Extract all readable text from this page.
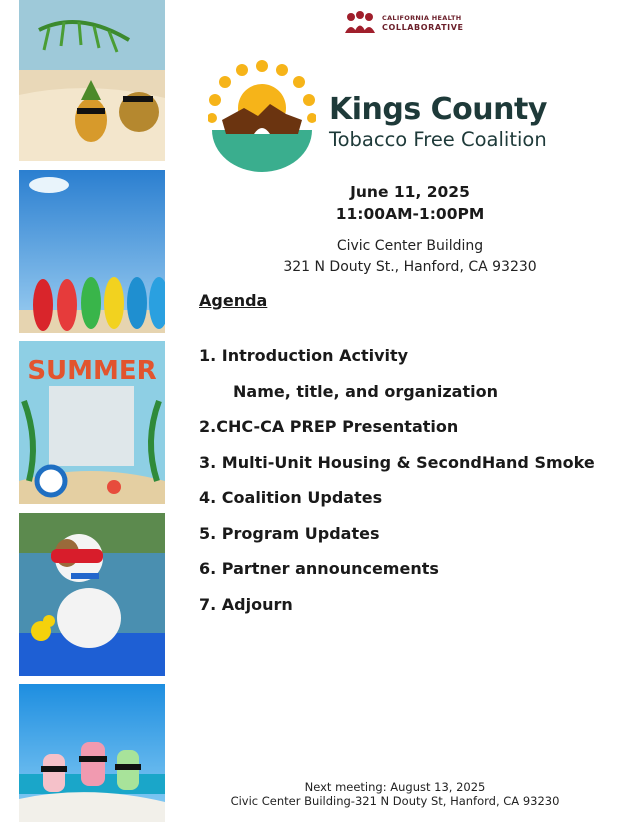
SUMMER
CALIFORNIA HEALTH
COLLABORATIVE
Kings County
Tobacco Free Coalition
June 11, 2025
11:00AM-1:00PM
Civic Center Building
321 N Douty St., Hanford, CA 93230
Agenda
1. Introduction Activity
Name, title, and organization
2.CHC-CA PREP Presentation
3. Multi-Unit Housing & SecondHand Smoke
4. Coalition Updates
5. Program Updates
6. Partner announcements
7. Adjourn
Next meeting: August 13, 2025
Civic Center Building-321 N Douty St, Hanford, CA 93230
